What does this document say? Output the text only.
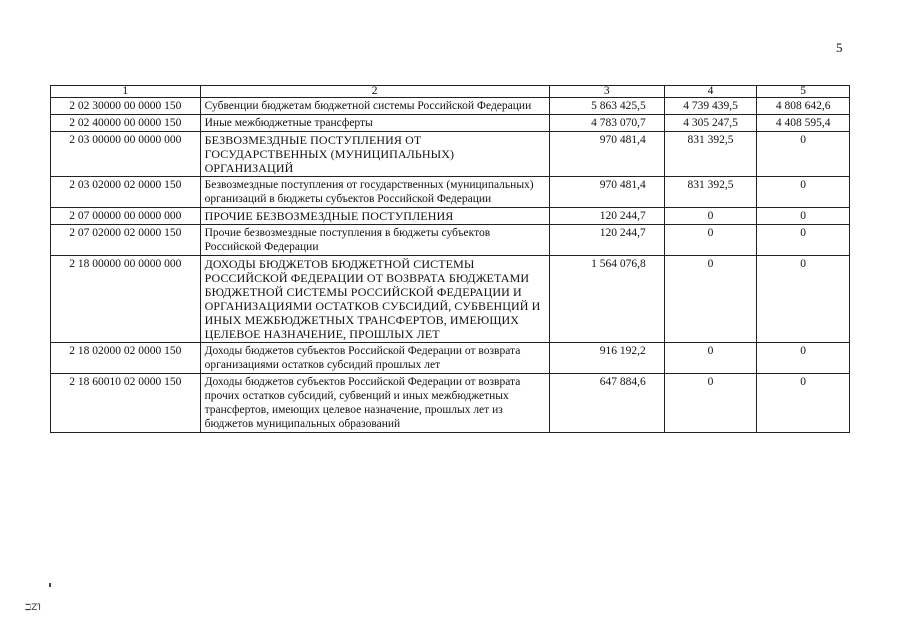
5
1	2	3	4	5
2 02 30000 00 0000 150	Субвенции бюджетам бюджетной системы Российской Федерации	5 863 425,5	4 739 439,5	4 808 642,6
2 02 40000 00 0000 150	Иные межбюджетные трансферты	4 783 070,7	4 305 247,5	4 408 595,4
2 03 00000 00 0000 000	БЕЗВОЗМЕЗДНЫЕ ПОСТУПЛЕНИЯ ОТ ГОСУДАРСТВЕННЫХ (МУНИЦИПАЛЬНЫХ) ОРГАНИЗАЦИЙ	970 481,4	831 392,5	0
2 03 02000 02 0000 150	Безвозмездные поступления от государственных (муниципальных) организаций в бюджеты субъектов Российской Федерации	970 481,4	831 392,5	0
2 07 00000 00 0000 000	ПРОЧИЕ БЕЗВОЗМЕЗДНЫЕ ПОСТУПЛЕНИЯ	120 244,7	0	0
2 07 02000 02 0000 150	Прочие безвозмездные поступления в бюджеты субъектов Российской Федерации	120 244,7	0	0
2 18 00000 00 0000 000	ДОХОДЫ БЮДЖЕТОВ БЮДЖЕТНОЙ СИСТЕМЫ РОССИЙСКОЙ ФЕДЕРАЦИИ ОТ ВОЗВРАТА БЮДЖЕТАМИ БЮДЖЕТНОЙ СИСТЕМЫ РОССИЙСКОЙ ФЕДЕРАЦИИ И ОРГАНИЗАЦИЯМИ ОСТАТКОВ СУБСИДИЙ, СУБВЕНЦИЙ И ИНЫХ МЕЖБЮДЖЕТНЫХ ТРАНСФЕРТОВ, ИМЕЮЩИХ ЦЕЛЕВОЕ НАЗНАЧЕНИЕ, ПРОШЛЫХ ЛЕТ	1 564 076,8	0	0
2 18 02000 02 0000 150	Доходы бюджетов субъектов Российской Федерации от возврата организациями остатков субсидий прошлых лет	916 192,2	0	0
2 18 60010 02 0000 150	Доходы бюджетов субъектов Российской Федерации от возврата прочих остатков субсидий, субвенций и иных межбюджетных трансфертов, имеющих целевое назначение, прошлых лет из бюджетов муниципальных образований	647 884,6	0	0
ℶΖΊ
